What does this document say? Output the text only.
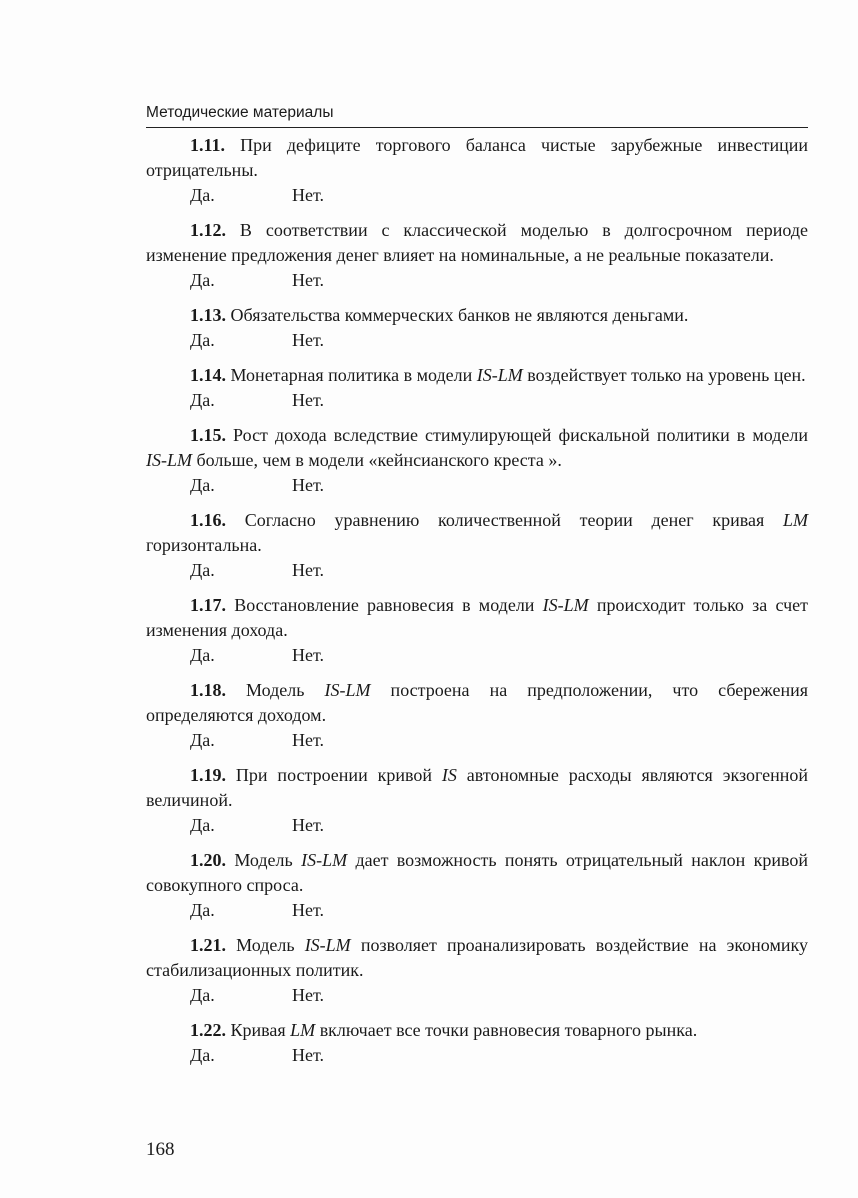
Методические материалы

1.11. При дефиците торгового баланса чистые зарубежные инвестиции отрицательны.

Да.	Нет.

1.12. В соответствии с классической моделью в долгосрочном периоде изменение предложения денег влияет на номинальные, а не реальные показатели.

Да.	Нет.

1.13. Обязательства коммерческих банков не являются деньгами.

Да.	Нет.

1.14. Монетарная политика в модели IS-LM воздействует только на уровень цен.

Да.	Нет.

1.15. Рост дохода вследствие стимулирующей фискальной политики в модели IS-LM больше, чем в модели «кейнсианского креста ».

Да.	Нет.

1.16. Согласно уравнению количественной теории денег кривая LM горизонтальна.

Да.	Нет.

1.17. Восстановление равновесия в модели IS-LM происходит только за счет изменения дохода.

Да.	Нет.

1.18. Модель IS-LM построена на предположении, что сбережения определяются доходом.

Да.	Нет.

1.19. При построении кривой IS автономные расходы являются экзогенной величиной.

Да.	Нет.

1.20. Модель IS-LM дает возможность понять отрицательный наклон кривой совокупного спроса.

Да.	Нет.

1.21. Модель IS-LM позволяет проанализировать воздействие на экономику стабилизационных политик.

Да.	Нет.

1.22. Кривая LM включает все точки равновесия товарного рынка.

Да.	Нет.
168
